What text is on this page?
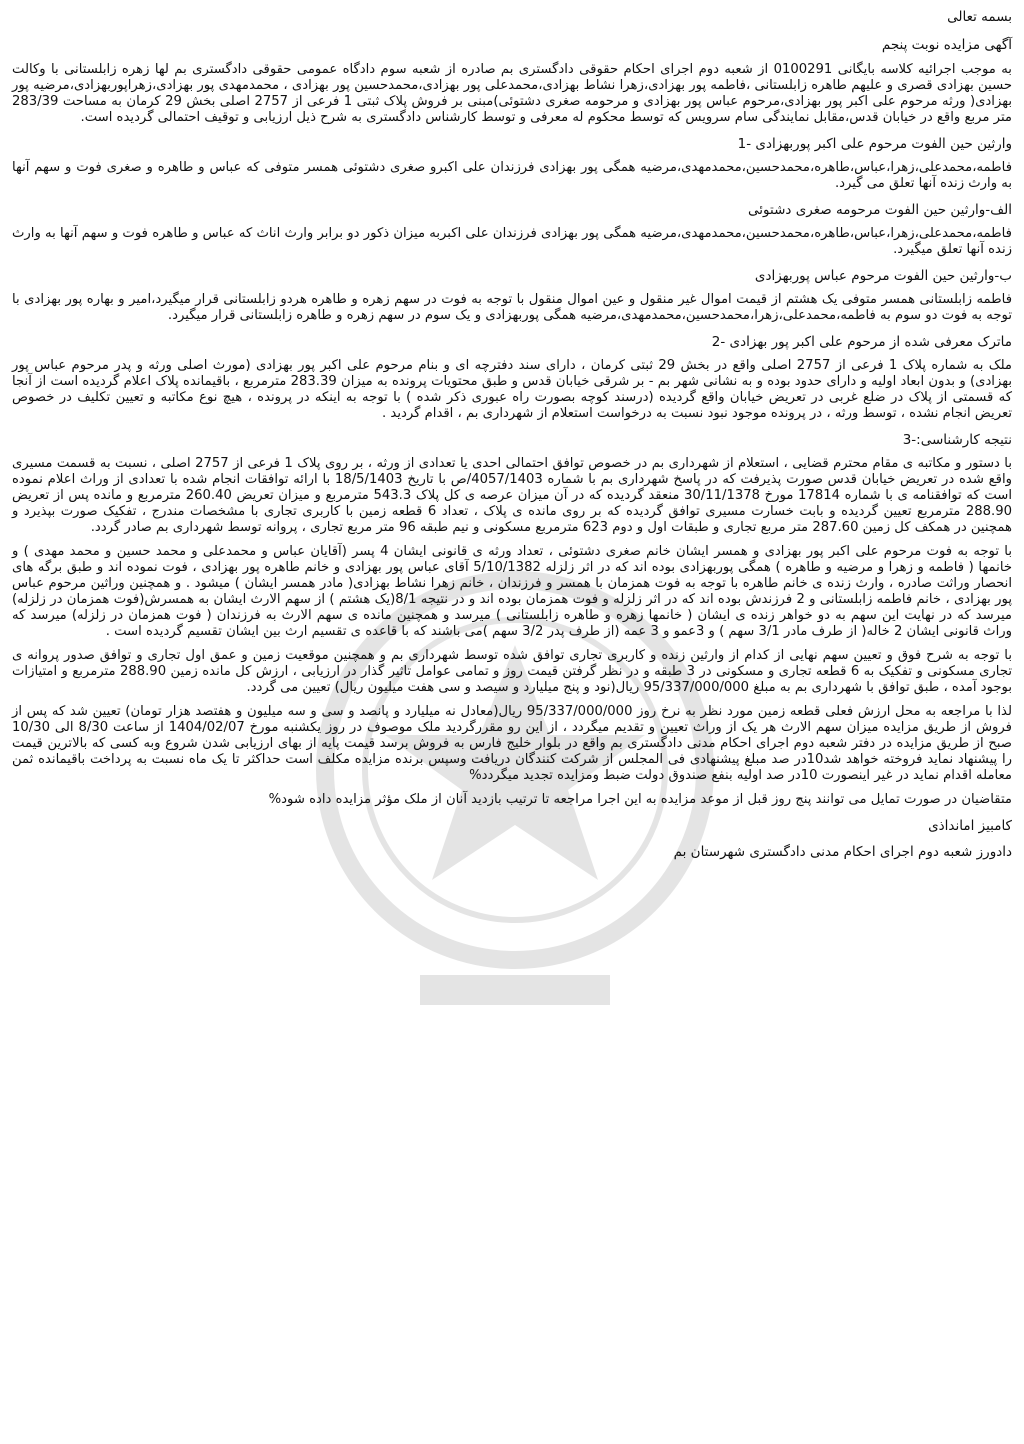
بسمه تعالی
آگهی مزایده نوبت پنجم

به موجب اجرائیه کلاسه بایگانی 0100291 از شعبه دوم اجرای احکام حقوقی دادگستری بم صادره از شعبه سوم دادگاه عمومی حقوقی دادگستری بم لها زهره زابلستانی با وکالت حسین بهزادی قصری و علیهم طاهره زابلستانی ،فاطمه پور بهزادی،زهرا نشاط بهزادی،محمدعلی پور بهزادی،محمدحسین پور بهزادی ، محمدمهدی پور بهزادی،زهراپوربهزادی،مرضیه پور بهزادی( ورثه مرحوم علی اکبر پور بهزادی،مرحوم عباس پور بهزادی و مرحومه صغری دشتوئی)مبنی بر فروش پلاک ثبتی 1 فرعی از 2757 اصلی بخش 29 کرمان به مساحت 283/39 متر مربع واقع در خیابان قدس،مقابل نمایندگی سام سرویس که توسط محکوم له معرفی و توسط کارشناس دادگستری به شرح ذیل ارزیابی و توقیف احتمالی گردیده است.

وارثین حین الفوت مرحوم علی اکبر پوربهزادی -1

فاطمه،محمدعلی،زهرا،عباس،طاهره،محمدحسین،محمدمهدی،مرضیه همگی پور بهزادی فرزندان علی اکبرو صغری دشتوئی همسر متوفی که عباس و طاهره و صغری فوت و سهم آنها به وارث زنده آنها تعلق می گیرد.

الف-وارثین حین الفوت مرحومه صغری دشتوئی

فاطمه،محمدعلی،زهرا،عباس،طاهره،محمدحسین،محمدمهدی،مرضیه همگی پور بهزادی فرزندان علی اکبربه میزان ذکور دو برابر وارث اناث که عباس و طاهره فوت و سهم آنها به وارث زنده آنها تعلق میگیرد.

ب-وارثین حین الفوت مرحوم عباس پوربهزادی

فاطمه زابلستانی همسر متوفی یک هشتم از قیمت اموال غیر منقول و عین اموال منقول با توجه به فوت در سهم زهره و طاهره هردو زابلستانی قرار میگیرد،امیر و بهاره پور بهزادی با توجه به فوت دو سوم به فاطمه،محمدعلی،زهرا،محمدحسین،محمدمهدی،مرضیه همگی پوربهزادی و یک سوم در سهم زهره و طاهره زابلستانی قرار میگیرد.

ماترک معرفی شده از مرحوم علی اکبر پور بهزادی -2

ملک به شماره پلاک 1 فرعی از 2757 اصلی واقع در بخش 29 ثبتی کرمان ، دارای سند دفترچه ای و بنام مرحوم علی اکبر پور بهزادی (مورث اصلی ورثه و پدر مرحوم عباس پور بهزادی) و بدون ابعاد اولیه و دارای حدود بوده و به نشانی شهر بم - بر شرقی خیابان قدس و طبق محتویات پرونده به میزان 283.39 مترمربع ، باقیمانده پلاک اعلام گردیده است از آنجا که قسمتی از پلاک در ضلع غربی در تعریض خیابان واقع گردیده (درسند کوچه بصورت راه عبوری ذکر شده ) با توجه به اینکه در پرونده ، هیچ نوع مکاتبه و تعیین تکلیف در خصوص تعریض انجام نشده ، توسط ورثه ، در پرونده موجود نبود نسبت به درخواست استعلام از شهرداری بم ، اقدام گردید .

نتیجه کارشناسی:-3

با دستور و مکاتبه ی مقام محترم قضایی ، استعلام از شهرداری بم در خصوص توافق احتمالی احدی یا تعدادی از ورثه ، بر روی پلاک 1 فرعی از 2757 اصلی ، نسبت به قسمت مسیری واقع شده در تعریض خیابان قدس صورت پذیرفت که در پاسخ شهرداری بم با شماره 4057/1403/ص با تاریخ 18/5/1403 با ارائه توافقات انجام شده با تعدادی از وراث اعلام نموده است که توافقنامه ی با شماره 17814 مورخ 30/11/1378 منعقد گردیده که در آن میزان عرصه ی کل پلاک 543.3 مترمربع و میزان تعریض 260.40 مترمربع و مانده پس از تعریض 288.90 مترمربع تعیین گردیده و بابت خسارت مسیری توافق گردیده که بر روی مانده ی پلاک ، تعداد 6 قطعه زمین با کاربری تجاری با مشخصات مندرج ، تفکیک صورت بپذیرد و همچنین در همکف کل زمین 287.60 متر مربع تجاری و طبقات اول و دوم 623 مترمربع مسکونی و نیم طبقه 96 متر مربع تجاری ، پروانه توسط شهرداری بم صادر گردد.

با توجه به فوت مرحوم علی اکبر پور بهزادی و همسر ایشان خانم صغری دشتوئی ، تعداد ورثه ی قانونی ایشان 4 پسر (آقایان عباس و محمدعلی و محمد حسین و محمد مهدی ) و خانمها ( فاطمه و زهرا و مرضیه و طاهره ) همگی پوربهزادی بوده اند که در اثر زلزله 5/10/1382 آقای عباس پور بهزادی و خانم طاهره پور بهزادی ، فوت نموده اند و طبق برگه های انحصار وراثت صادره ، وارث زنده ی خانم طاهره با توجه به فوت همزمان با همسر و فرزندان ، خانم زهرا نشاط بهزادی( مادر همسر ایشان ) میشود . و همچنین وراثین مرحوم عباس پور بهزادی ، خانم فاطمه زابلستانی و 2 فرزندش بوده اند که در اثر زلزله و فوت همزمان بوده اند و در نتیجه 8/1(یک هشتم ) از سهم الارث ایشان به همسرش(فوت همزمان در زلزله) میرسد که در نهایت این سهم به دو خواهر زنده ی ایشان ( خانمها زهره و طاهره زابلستانی ) میرسد و همچنین مانده ی سهم الارث به فرزندان ( فوت همزمان در زلزله) میرسد که وراث قانونی ایشان 2 خاله( از طرف مادر 3/1 سهم ) و 3عمو و 3 عمه (از طرف پدر 3/2 سهم )می باشند که با قاعده ی تقسیم ارث بین ایشان تقسیم گردیده است .

با توجه به شرح فوق و تعیین سهم نهایی از کدام از وارثین زنده و کاربری تجاری توافق شده توسط شهرداری بم و همچنین موقعیت زمین و عمق اول تجاری و توافق صدور پروانه ی تجاری مسکونی و تفکیک به 6 قطعه تجاری و مسکونی در 3 طبقه و در نظر گرفتن قیمت روز و تمامی عوامل تاثیر گذار در ارزیابی ، ارزش کل مانده زمین 288.90 مترمربع و امتیازات بوجود آمده ، طبق توافق با شهرداری بم به مبلغ 95/337/000/000 ریال(نود و پنج میلیارد و سیصد و سی هفت میلیون ریال) تعیین می گردد.

لذا با مراجعه به محل ارزش فعلی قطعه زمین مورد نظر به نرخ روز 95/337/000/000 ریال(معادل نه میلیارد و پانصد و سی و سه میلیون و هفتصد هزار تومان) تعیین شد که پس از فروش از طریق مزایده میزان سهم الارث هر یک از وراث تعیین و تقدیم میگردد ، از این رو مقررگردید ملک موصوف در روز یکشنبه مورخ 1404/02/07 از ساعت 8/30 الی 10/30 صبح از طریق مزایده در دفتر شعبه دوم اجرای احکام مدنی دادگستری بم واقع در بلوار خلیج فارس به فروش برسد قیمت پایه از بهای ارزیابی شدن شروع وبه کسی که بالاترین قیمت را پیشنهاد نماید فروخته خواهد شد10در صد مبلغ پیشنهادی فی المجلس از شرکت کنندگان دریافت وسپس برنده مزایده مکلف است حداکثر تا یک ماه نسبت به پرداخت باقیمانده ثمن معامله اقدام نماید در غیر اینصورت 10در صد اولیه بنفع صندوق دولت ضبط ومزایده تجدید میگردد%

متقاضیان در صورت تمایل می توانند پنج روز قبل از موعد مزایده به این اجرا مراجعه تا ترتیب بازدید آنان از ملک مؤثر مزایده داده شود%

کامبیز امانداذی
دادورز شعبه دوم اجرای احکام مدنی دادگستری شهرستان بم
